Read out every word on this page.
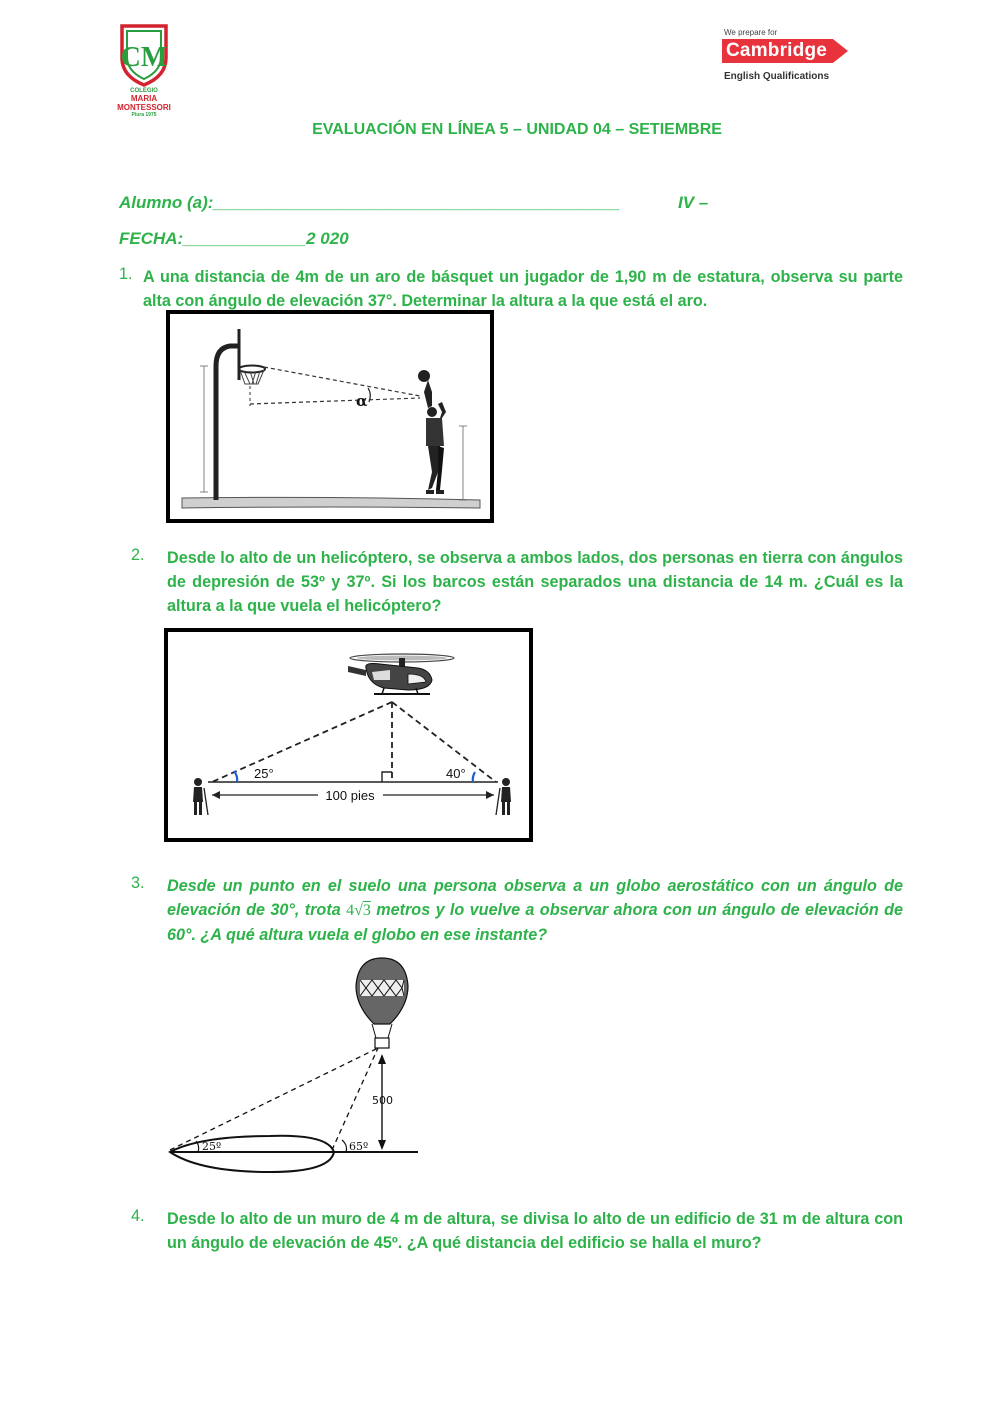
CM
COLEGIO
MARIA
MONTESSORI
Piura 1975
We prepare for
Cambridge
English Qualifications
EVALUACIÓN EN LÍNEA 5 – UNIDAD 04 – SETIEMBRE
Alumno (a):___________________________________________	IV –
FECHA:_____________2 020
1. A una distancia de 4m de un aro de básquet un jugador de 1,90 m de estatura, observa su parte alta con ángulo de elevación 37°. Determinar la altura a la que está el aro.
α
2. Desde lo alto de un helicóptero, se observa a ambos lados, dos personas en tierra con ángulos de depresión de 53º y 37º. Si los barcos están separados una distancia de 14 m. ¿Cuál es la altura a la que vuela el helicóptero?
25°	40°
100 pies
3. Desde un punto en el suelo una persona observa a un globo aerostático con un ángulo de elevación de 30°, trota 4√3 metros y lo vuelve a observar ahora con un ángulo de elevación de 60°. ¿A qué altura vuela el globo en ese instante?
500
25º	65º
4. Desde lo alto de un muro de 4 m de altura, se divisa lo alto de un edificio de 31 m de altura con un ángulo de elevación de 45º. ¿A qué distancia del edificio se halla el muro?
